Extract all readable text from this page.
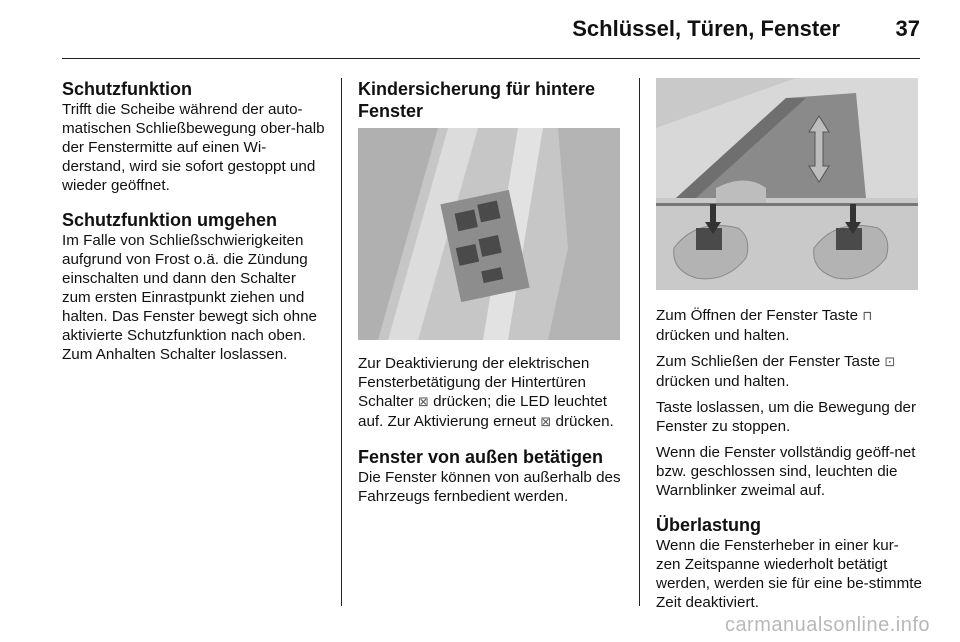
Schlüssel, Türen, Fenster	37
Schutzfunktion

Trifft die Scheibe während der auto-matischen Schließbewegung ober-halb der Fenstermitte auf einen Wi-derstand, wird sie sofort gestoppt und wieder geöffnet.

Schutzfunktion umgehen

Im Falle von Schließschwierigkeiten aufgrund von Frost o.ä. die Zündung einschalten und dann den Schalter zum ersten Einrastpunkt ziehen und halten. Das Fenster bewegt sich ohne aktivierte Schutzfunktion nach oben. Zum Anhalten Schalter loslassen.

Kindersicherung für hintere Fenster

Zur Deaktivierung der elektrischen Fensterbetätigung der Hintertüren Schalter ⊠ drücken; die LED leuchtet auf. Zur Aktivierung erneut ⊠ drücken.

Fenster von außen betätigen

Die Fenster können von außerhalb des Fahrzeugs fernbedient werden.

Zum Öffnen der Fenster Taste ⊓ drücken und halten.

Zum Schließen der Fenster Taste ⊡ drücken und halten.

Taste loslassen, um die Bewegung der Fenster zu stoppen.

Wenn die Fenster vollständig geöff-net bzw. geschlossen sind, leuchten die Warnblinker zweimal auf.

Überlastung

Wenn die Fensterheber in einer kur-zen Zeitspanne wiederholt betätigt werden, werden sie für eine be-stimmte Zeit deaktiviert.

carmanualsonline.info
